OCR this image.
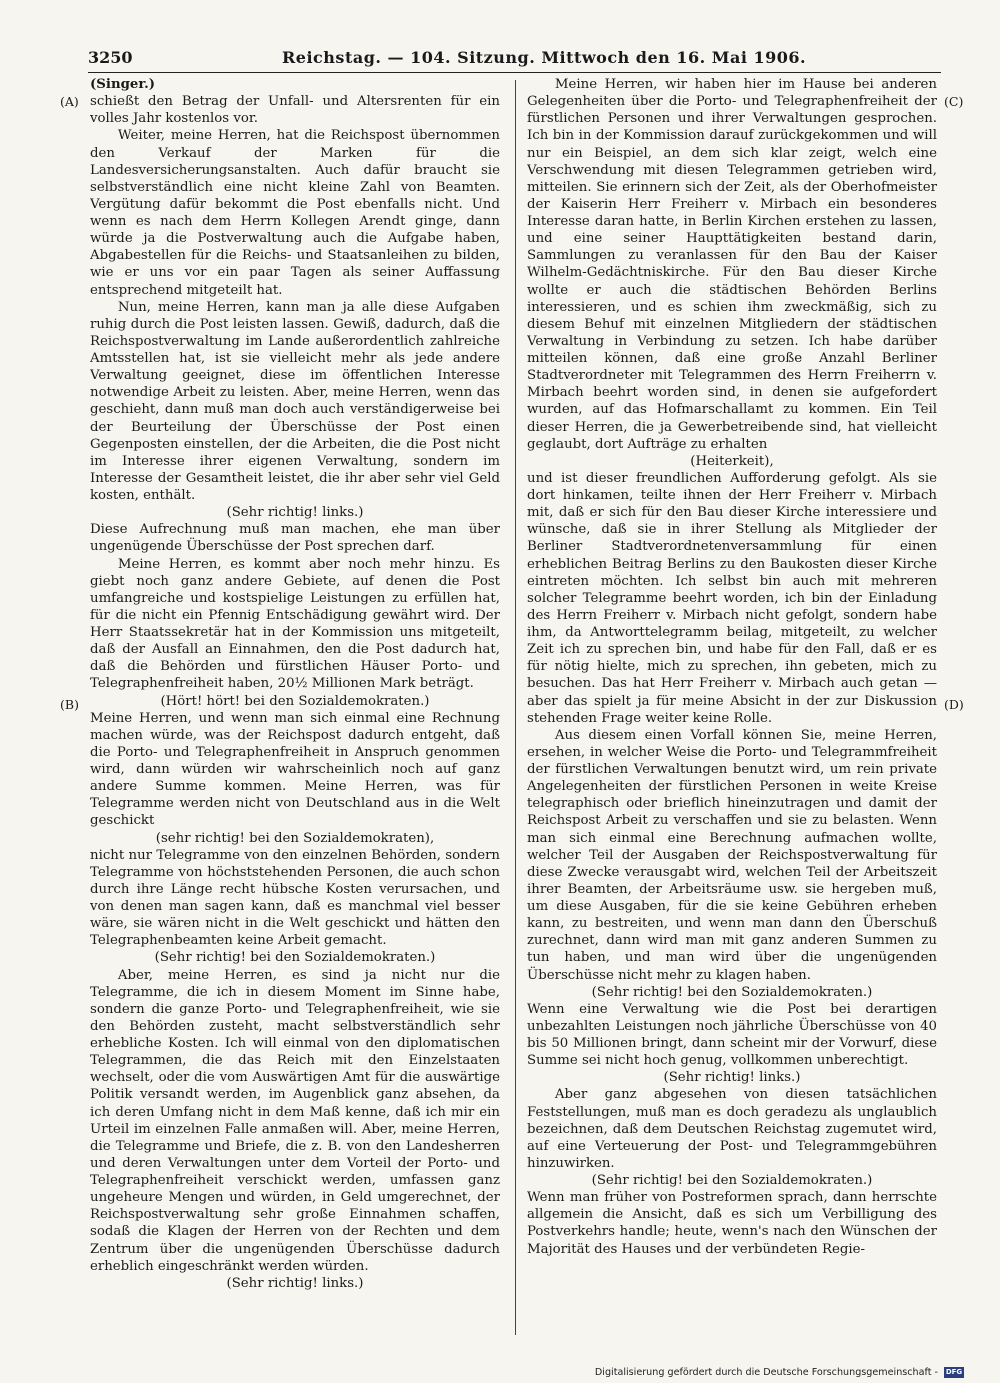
3250	Reichstag. — 104. Sitzung. Mittwoch den 16. Mai 1906.
(A)
(B)
(C)
(D)

(Singer.)

schießt den Betrag der Unfall- und Altersrenten für ein volles Jahr kostenlos vor.

Weiter, meine Herren, hat die Reichspost übernommen den Verkauf der Marken für die Landesversicherungsanstalten. Auch dafür braucht sie selbstverständlich eine nicht kleine Zahl von Beamten. Vergütung dafür bekommt die Post ebenfalls nicht. Und wenn es nach dem Herrn Kollegen Arendt ginge, dann würde ja die Postverwaltung auch die Aufgabe haben, Abgabestellen für die Reichs- und Staatsanleihen zu bilden, wie er uns vor ein paar Tagen als seiner Auffassung entsprechend mitgeteilt hat.

Nun, meine Herren, kann man ja alle diese Aufgaben ruhig durch die Post leisten lassen. Gewiß, dadurch, daß die Reichspostverwaltung im Lande außerordentlich zahlreiche Amtsstellen hat, ist sie vielleicht mehr als jede andere Verwaltung geeignet, diese im öffentlichen Interesse notwendige Arbeit zu leisten. Aber, meine Herren, wenn das geschieht, dann muß man doch auch verständigerweise bei der Beurteilung der Überschüsse der Post einen Gegenposten einstellen, der die Arbeiten, die die Post nicht im Interesse ihrer eigenen Verwaltung, sondern im Interesse der Gesamtheit leistet, die ihr aber sehr viel Geld kosten, enthält.

(Sehr richtig! links.)

Diese Aufrechnung muß man machen, ehe man über ungenügende Überschüsse der Post sprechen darf.

Meine Herren, es kommt aber noch mehr hinzu. Es giebt noch ganz andere Gebiete, auf denen die Post umfangreiche und kostspielige Leistungen zu erfüllen hat, für die nicht ein Pfennig Entschädigung gewährt wird. Der Herr Staatssekretär hat in der Kommission uns mitgeteilt, daß der Ausfall an Einnahmen, den die Post dadurch hat, daß die Behörden und fürstlichen Häuser Porto- und Telegraphenfreiheit haben, 20½ Millionen Mark beträgt.

(Hört! hört! bei den Sozialdemokraten.)

Meine Herren, und wenn man sich einmal eine Rechnung machen würde, was der Reichspost dadurch entgeht, daß die Porto- und Telegraphenfreiheit in Anspruch genommen wird, dann würden wir wahrscheinlich noch auf ganz andere Summe kommen. Meine Herren, was für Telegramme werden nicht von Deutschland aus in die Welt geschickt

(sehr richtig! bei den Sozialdemokraten),

nicht nur Telegramme von den einzelnen Behörden, sondern Telegramme von höchststehenden Personen, die auch schon durch ihre Länge recht hübsche Kosten verursachen, und von denen man sagen kann, daß es manchmal viel besser wäre, sie wären nicht in die Welt geschickt und hätten den Telegraphenbeamten keine Arbeit gemacht.

(Sehr richtig! bei den Sozialdemokraten.)

Aber, meine Herren, es sind ja nicht nur die Telegramme, die ich in diesem Moment im Sinne habe, sondern die ganze Porto- und Telegraphenfreiheit, wie sie den Behörden zusteht, macht selbstverständlich sehr erhebliche Kosten. Ich will einmal von den diplomatischen Telegrammen, die das Reich mit den Einzelstaaten wechselt, oder die vom Auswärtigen Amt für die auswärtige Politik versandt werden, im Augenblick ganz absehen, da ich deren Umfang nicht in dem Maß kenne, daß ich mir ein Urteil im einzelnen Falle anmaßen will. Aber, meine Herren, die Telegramme und Briefe, die z. B. von den Landesherren und deren Verwaltungen unter dem Vorteil der Porto- und Telegraphenfreiheit verschickt werden, umfassen ganz ungeheure Mengen und würden, in Geld umgerechnet, der Reichspostverwaltung sehr große Einnahmen schaffen, sodaß die Klagen der Herren von der Rechten und dem Zentrum über die ungenügenden Überschüsse dadurch erheblich eingeschränkt werden würden.

(Sehr richtig! links.)

Meine Herren, wir haben hier im Hause bei anderen Gelegenheiten über die Porto- und Telegraphenfreiheit der fürstlichen Personen und ihrer Verwaltungen gesprochen. Ich bin in der Kommission darauf zurückgekommen und will nur ein Beispiel, an dem sich klar zeigt, welch eine Verschwendung mit diesen Telegrammen getrieben wird, mitteilen. Sie erinnern sich der Zeit, als der Oberhofmeister der Kaiserin Herr Freiherr v. Mirbach ein besonderes Interesse daran hatte, in Berlin Kirchen erstehen zu lassen, und eine seiner Haupttätigkeiten bestand darin, Sammlungen zu veranlassen für den Bau der Kaiser Wilhelm-Gedächtniskirche. Für den Bau dieser Kirche wollte er auch die städtischen Behörden Berlins interessieren, und es schien ihm zweckmäßig, sich zu diesem Behuf mit einzelnen Mitgliedern der städtischen Verwaltung in Verbindung zu setzen. Ich habe darüber mitteilen können, daß eine große Anzahl Berliner Stadtverordneter mit Telegrammen des Herrn Freiherrn v. Mirbach beehrt worden sind, in denen sie aufgefordert wurden, auf das Hofmarschallamt zu kommen. Ein Teil dieser Herren, die ja Gewerbetreibende sind, hat vielleicht geglaubt, dort Aufträge zu erhalten

(Heiterkeit),

und ist dieser freundlichen Aufforderung gefolgt. Als sie dort hinkamen, teilte ihnen der Herr Freiherr v. Mirbach mit, daß er sich für den Bau dieser Kirche interessiere und wünsche, daß sie in ihrer Stellung als Mitglieder der Berliner Stadtverordnetenversammlung für einen erheblichen Beitrag Berlins zu den Baukosten dieser Kirche eintreten möchten. Ich selbst bin auch mit mehreren solcher Telegramme beehrt worden, ich bin der Einladung des Herrn Freiherr v. Mirbach nicht gefolgt, sondern habe ihm, da Antworttelegramm beilag, mitgeteilt, zu welcher Zeit ich zu sprechen bin, und habe für den Fall, daß er es für nötig hielte, mich zu sprechen, ihn gebeten, mich zu besuchen. Das hat Herr Freiherr v. Mirbach auch getan — aber das spielt ja für meine Absicht in der zur Diskussion stehenden Frage weiter keine Rolle.

Aus diesem einen Vorfall können Sie, meine Herren, ersehen, in welcher Weise die Porto- und Telegrammfreiheit der fürstlichen Verwaltungen benutzt wird, um rein private Angelegenheiten der fürstlichen Personen in weite Kreise telegraphisch oder brieflich hineinzutragen und damit der Reichspost Arbeit zu verschaffen und sie zu belasten. Wenn man sich einmal eine Berechnung aufmachen wollte, welcher Teil der Ausgaben der Reichspostverwaltung für diese Zwecke verausgabt wird, welchen Teil der Arbeitszeit ihrer Beamten, der Arbeitsräume usw. sie hergeben muß, um diese Ausgaben, für die sie keine Gebühren erheben kann, zu bestreiten, und wenn man dann den Überschuß zurechnet, dann wird man mit ganz anderen Summen zu tun haben, und man wird über die ungenügenden Überschüsse nicht mehr zu klagen haben.

(Sehr richtig! bei den Sozialdemokraten.)

Wenn eine Verwaltung wie die Post bei derartigen unbezahlten Leistungen noch jährliche Überschüsse von 40 bis 50 Millionen bringt, dann scheint mir der Vorwurf, diese Summe sei nicht hoch genug, vollkommen unberechtigt.

(Sehr richtig! links.)

Aber ganz abgesehen von diesen tatsächlichen Feststellungen, muß man es doch geradezu als unglaublich bezeichnen, daß dem Deutschen Reichstag zugemutet wird, auf eine Verteuerung der Post- und Telegrammgebühren hinzuwirken.

(Sehr richtig! bei den Sozialdemokraten.)

Wenn man früher von Postreformen sprach, dann herrschte allgemein die Ansicht, daß es sich um Verbilligung des Postverkehrs handle; heute, wenn's nach den Wünschen der Majorität des Hauses und der verbündeten Regie-

Digitalisierung gefördert durch die Deutsche Forschungsgemeinschaft - DFG
